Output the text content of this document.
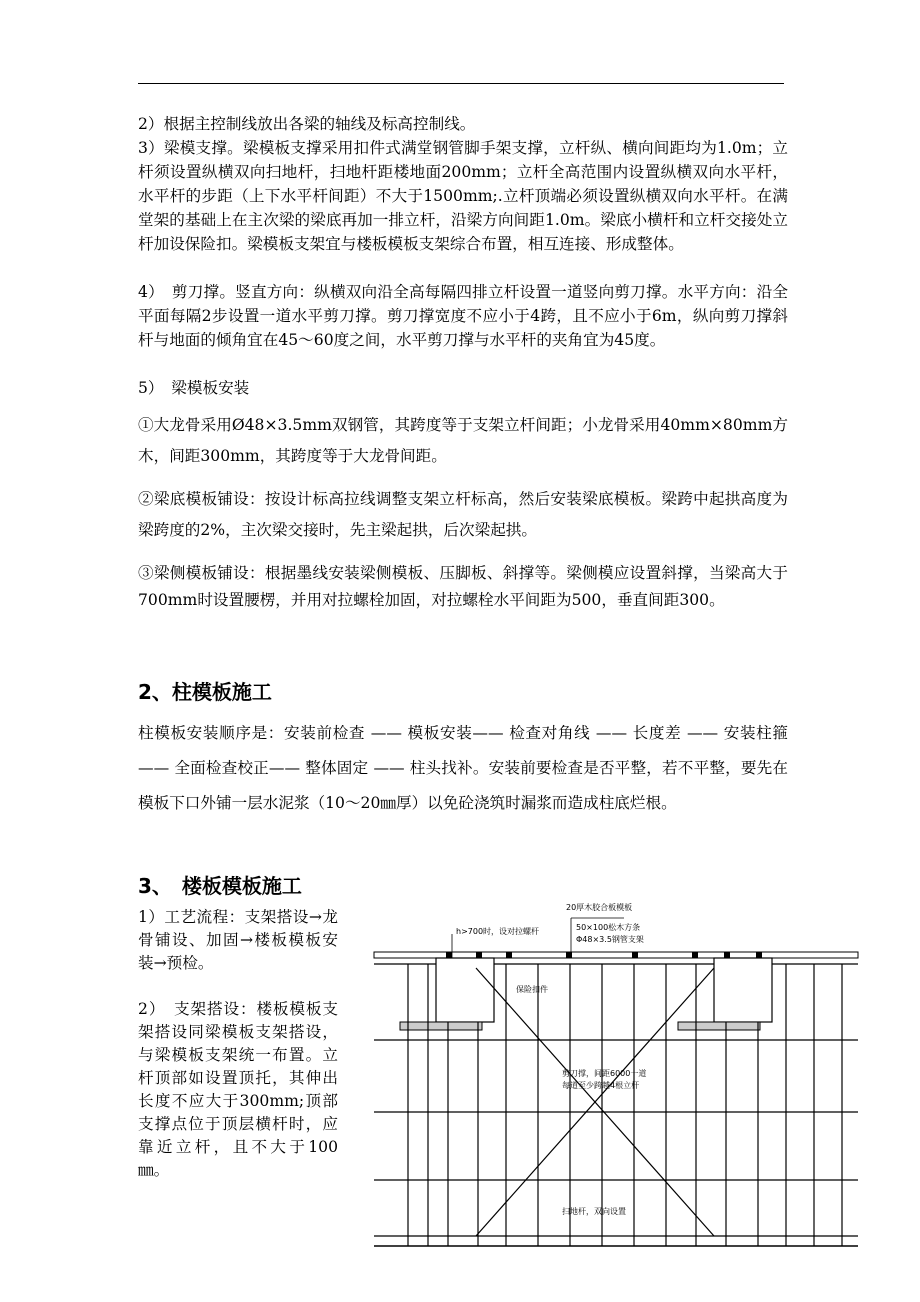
2）根据主控制线放出各梁的轴线及标高控制线。

3）梁模支撑。梁模板支撑采用扣件式满堂钢管脚手架支撑，立杆纵、横向间距均为1.0m；立杆须设置纵横双向扫地杆，扫地杆距楼地面200mm；立杆全高范围内设置纵横双向水平杆，水平杆的步距（上下水平杆间距）不大于1500mm;.立杆顶端必须设置纵横双向水平杆。在满堂架的基础上在主次梁的梁底再加一排立杆，沿梁方向间距1.0m。梁底小横杆和立杆交接处立杆加设保险扣。梁模板支架宜与楼板模板支架综合布置，相互连接、形成整体。

4）　剪刀撑。竖直方向：纵横双向沿全高每隔四排立杆设置一道竖向剪刀撑。水平方向：沿全平面每隔2步设置一道水平剪刀撑。剪刀撑宽度不应小于4跨，且不应小于6m，纵向剪刀撑斜杆与地面的倾角宜在45～60度之间，水平剪刀撑与水平杆的夹角宜为45度。

5）　梁模板安装

①大龙骨采用Ø48×3.5mm双钢管，其跨度等于支架立杆间距；小龙骨采用40mm×80mm方木，间距300mm，其跨度等于大龙骨间距。

②梁底模板铺设：按设计标高拉线调整支架立杆标高，然后安装梁底模板。梁跨中起拱高度为梁跨度的2%，主次梁交接时，先主梁起拱，后次梁起拱。

③梁侧模板铺设：根据墨线安装梁侧模板、压脚板、斜撑等。梁侧模应设置斜撑，当梁高大于700mm时设置腰楞，并用对拉螺栓加固，对拉螺栓水平间距为500，垂直间距300。

2、柱模板施工

柱模板安装顺序是：安装前检查 —— 模板安装—— 检查对角线 —— 长度差 —— 安装柱箍 —— 全面检查校正—— 整体固定 —— 柱头找补。安装前要检查是否平整，若不平整，要先在模板下口外铺一层水泥浆（10～20㎜厚）以免砼浇筑时漏浆而造成柱底烂根。

3、　楼板模板施工

1）工艺流程：支架搭设→龙骨铺设、加固→楼板模板安装→预检。

2）　支架搭设：楼板模板支架搭设同梁模板支架搭设，与梁模板支架统一布置。立杆顶部如设置顶托，其伸出长度不应大于300mm;顶部支撑点位于顶层横杆时，应靠近立杆，且不大于100㎜。

20厚木胶合板模板
50×100松木方条
Φ48×3.5钢管支架
h>700时，设对拉螺杆
保险扣件
剪刀撑，间距6000一道
每道至少跨越4根立杆
扫地杆，双向设置
